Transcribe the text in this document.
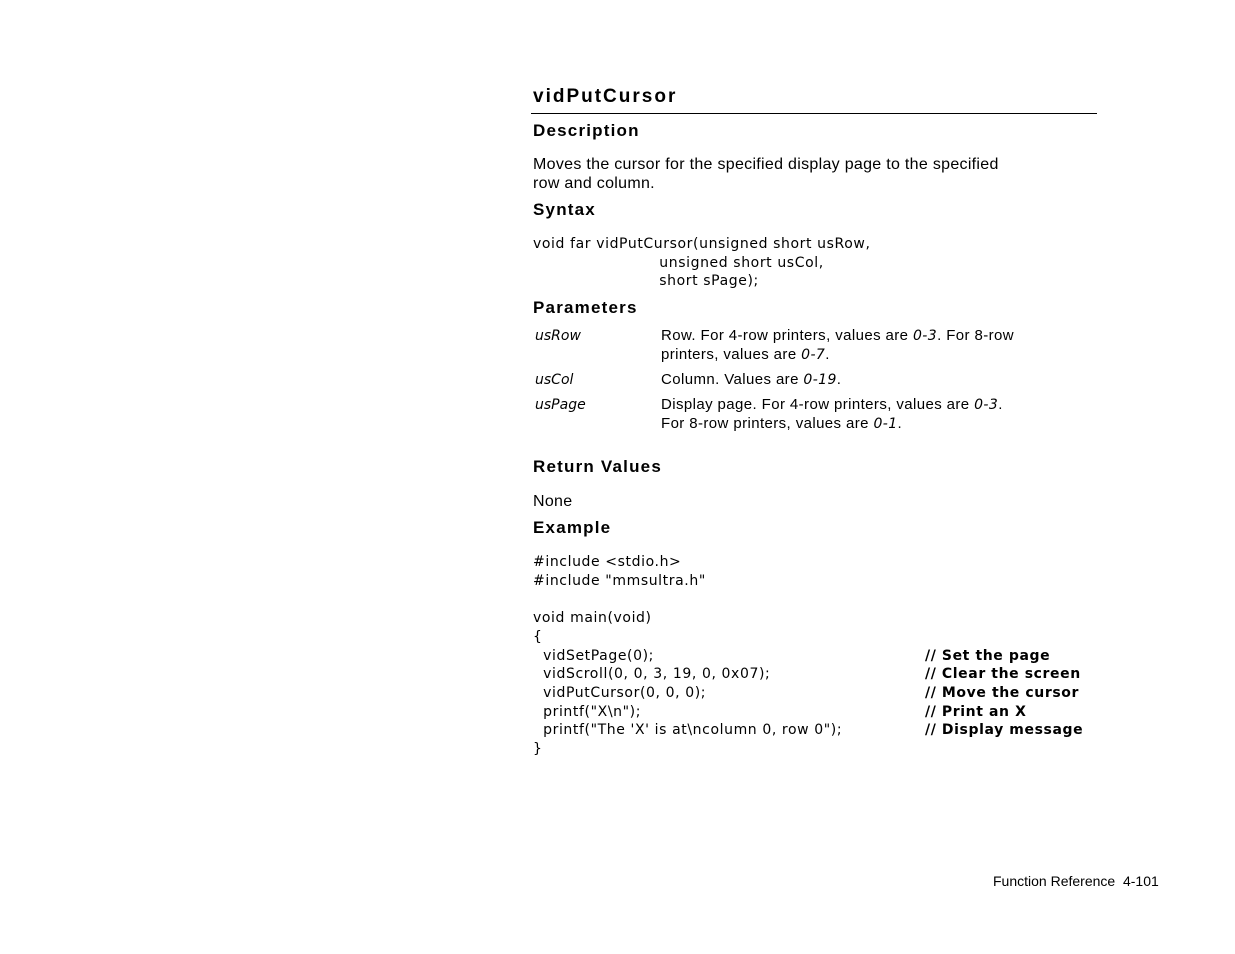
vidPutCursor
Description

Moves the cursor for the specified display page to the specified
row and column.

Syntax
void far vidPutCursor(unsigned short usRow,
unsigned short usCol,
short sPage);
Parameters
usRow	Row. For 4-row printers, values are 0-3. For 8-row
printers, values are 0-7.
usCol	Column. Values are 0-19.
usPage	Display page. For 4-row printers, values are 0-3.
For 8-row printers, values are 0-1.
Return Values

None

Example
#include <stdio.h>
#include "mmsultra.h"
void main(void)
{
vidSetPage(0);	// Set the page
vidScroll(0, 0, 3, 19, 0, 0x07);	// Clear the screen
vidPutCursor(0, 0, 0);	// Move the cursor
printf("X\n");	// Print an X
printf("The 'X' is at\ncolumn 0, row 0");	// Display message
}
Function Reference  4-101
